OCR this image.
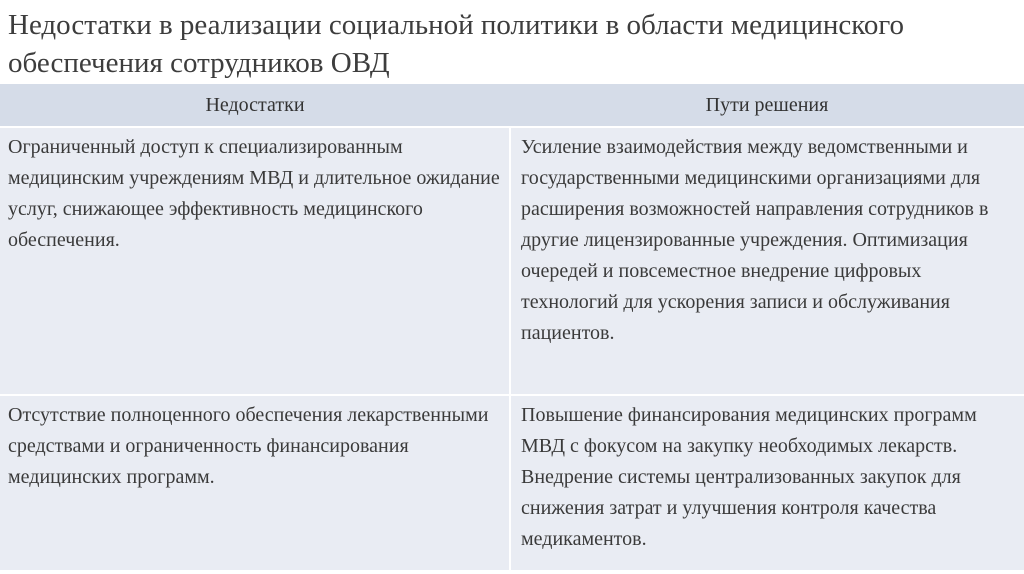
Недостатки в реализации социальной политики в области медицинского обеспечения сотрудников ОВД
Недостатки	Пути решения
Ограниченный доступ к специализированным медицинским учреждениям МВД и длительное ожидание услуг, снижающее эффективность медицинского обеспечения.	Усиление взаимодействия между ведомственными и государственными медицинскими организациями для расширения возможностей направления сотрудников в другие лицензированные учреждения. Оптимизация очередей и повсеместное внедрение цифровых технологий для ускорения записи и обслуживания пациентов.
Отсутствие полноценного обеспечения лекарственными средствами и ограниченность финансирования медицинских программ.	Повышение финансирования медицинских программ МВД с фокусом на закупку необходимых лекарств. Внедрение системы централизованных закупок для снижения затрат и улучшения контроля качества медикаментов.
